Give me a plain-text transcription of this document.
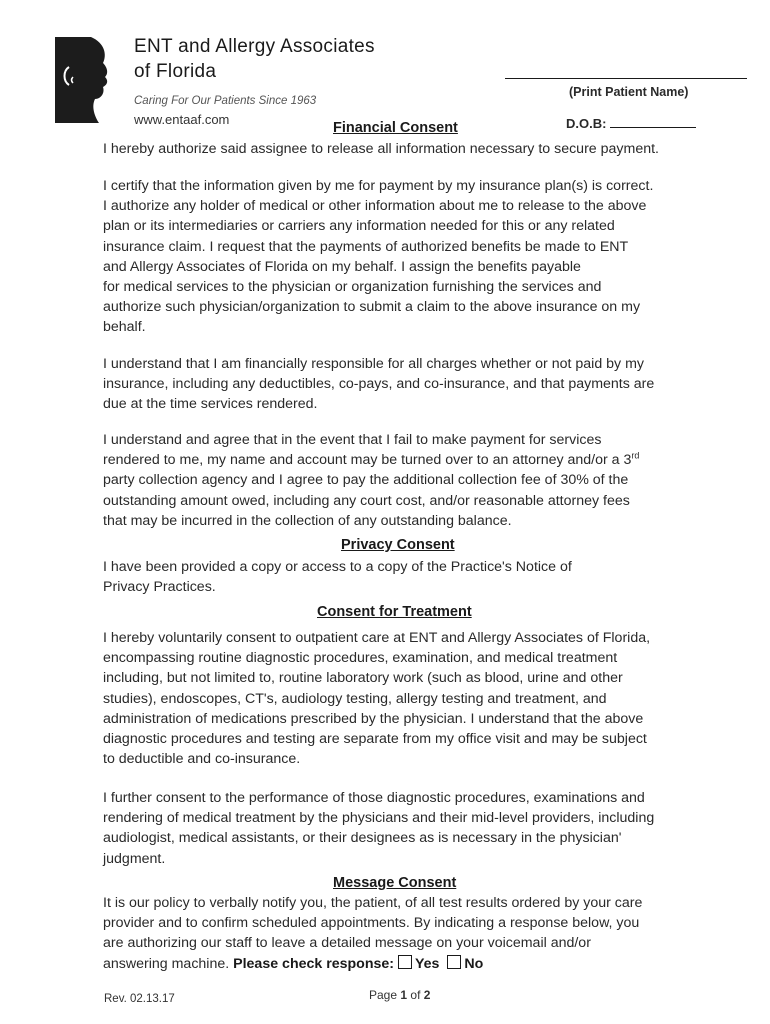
ENT and Allergy Associates
of Florida
Caring For Our Patients Since 1963
www.entaaf.com
(Print Patient Name)
D.O.B:
Financial Consent
I hereby authorize said assignee to release all information necessary to secure payment.
I certify that the information given by me for payment by my insurance plan(s) is correct.
I authorize any holder of medical or other information about me to release to the above
plan or its intermediaries or carriers any information needed for this or any related
insurance claim. I request that the payments of authorized benefits be made to ENT
and Allergy Associates of Florida on my behalf. I assign the benefits payable
for medical services to the physician or organization furnishing the services and
authorize such physician/organization to submit a claim to the above insurance on my
behalf.
I understand that I am financially responsible for all charges whether or not paid by my
insurance, including any deductibles, co-pays, and co-insurance, and that payments are
due at the time services rendered.
I understand and agree that in the event that I fail to make payment for services
rendered to me, my name and account may be turned over to an attorney and/or a 3rd
party collection agency and I agree to pay the additional collection fee of 30% of the
outstanding amount owed, including any court cost, and/or reasonable attorney fees
that may be incurred in the collection of any outstanding balance.
Privacy Consent
I have been provided a copy or access to a copy of the Practice's Notice of
Privacy Practices.
Consent for Treatment
I hereby voluntarily consent to outpatient care at ENT and Allergy Associates of Florida,
encompassing routine diagnostic procedures, examination, and medical treatment
including, but not limited to, routine laboratory work (such as blood, urine and other
studies), endoscopes, CT's, audiology testing, allergy testing and treatment, and
administration of medications prescribed by the physician. I understand that the above
diagnostic procedures and testing are separate from my office visit and may be subject
to deductible and co-insurance.
I further consent to the performance of those diagnostic procedures, examinations and
rendering of medical treatment by the physicians and their mid-level providers, including
audiologist, medical assistants, or their designees as is necessary in the physician'
judgment.
Message Consent
It is our policy to verbally notify you, the patient, of all test results ordered by your care
provider and to confirm scheduled appointments. By indicating a response below, you
are authorizing our staff to leave a detailed message on your voicemail and/or
answering machine. Please check response: Yes No
Rev. 02.13.17	Page 1 of 2
